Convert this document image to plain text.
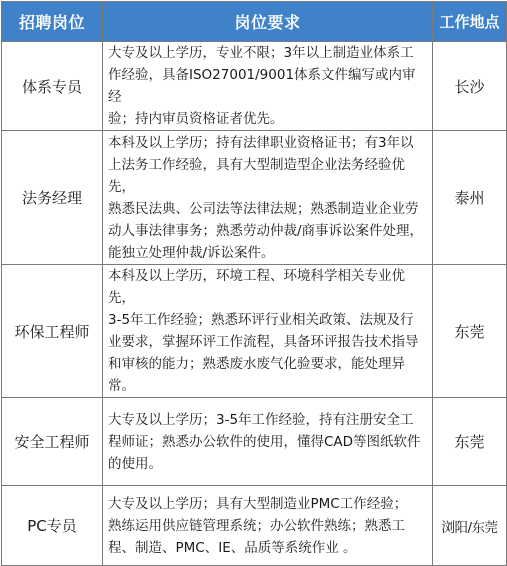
招聘岗位	岗位要求	工作地点
体系专员	大专及以上学历，专业不限；3年以上制造业体系工
作经验，具备ISO27001/9001体系文件编写或内审经
验；持内审员资格证者优先。	长沙
法务经理	本科及以上学历；持有法律职业资格证书；有3年以
上法务工作经验，具有大型制造型企业法务经验优先，
熟悉民法典、公司法等法律法规；熟悉制造业企业劳
动人事法律事务；熟悉劳动仲裁/商事诉讼案件处理，
能独立处理仲裁/诉讼案件。	泰州
环保工程师	本科及以上学历，环境工程、环境科学相关专业优先，
3-5年工作经验；熟悉环评行业相关政策、法规及行
业要求，掌握环评工作流程，具备环评报告技术指导
和审核的能力；熟悉废水废气化验要求，能处理异常。	东莞
安全工程师	大专及以上学历；3-5年工作经验，持有注册安全工
程师证；熟悉办公软件的使用，懂得CAD等图纸软件
的使用。	东莞
PC专员	大专及以上学历；具有大型制造业PMC工作经验；
熟练运用供应链管理系统；办公软件熟练；熟悉工
程、制造、PMC、IE、品质等系统作业 。	浏阳/东莞
